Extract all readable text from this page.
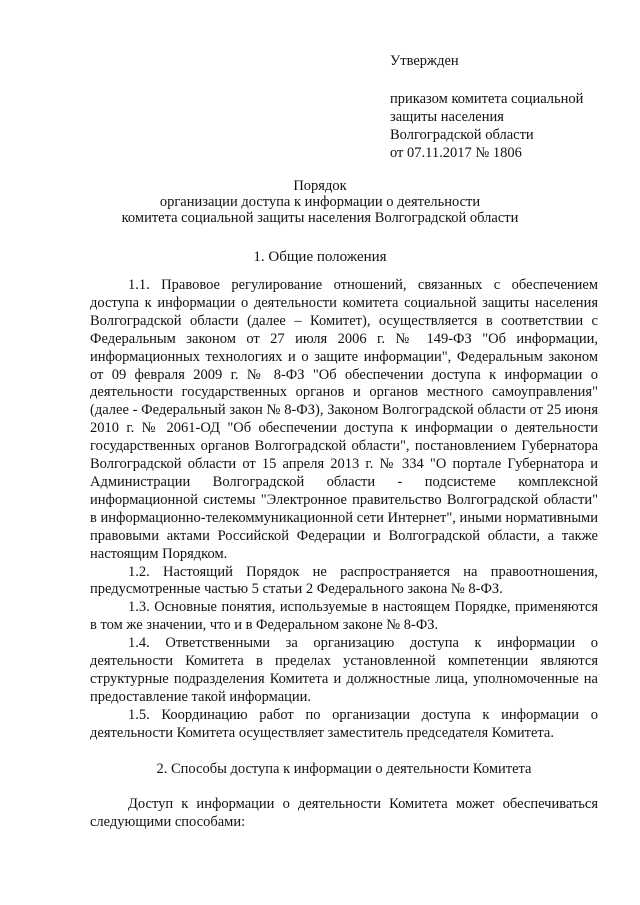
Утвержден
приказом комитета социальной
защиты населения
Волгоградской области
от 07.11.2017 № 1806
Порядок
организации доступа к информации о деятельности
комитета социальной защиты населения Волгоградской области
1. Общие положения

1.1. Правовое регулирование отношений, связанных с обеспечением доступа к информации о деятельности комитета социальной защиты населения Волгоградской области (далее – Комитет), осуществляется в соответствии с Федеральным законом от 27 июля 2006 г. № 149-ФЗ "Об информации, информационных технологиях и о защите информации", Федеральным законом от 09 февраля 2009 г. № 8-ФЗ "Об обеспечении доступа к информации о деятельности государственных органов и органов местного самоуправления" (далее - Федеральный закон № 8-ФЗ), Законом Волгоградской области от 25 июня 2010 г. № 2061-ОД "Об обеспечении доступа к информации о деятельности государственных органов Волгоградской области", постановлением Губернатора Волгоградской области от 15 апреля 2013 г. № 334 "О портале Губернатора и Администрации Волгоградской области - подсистеме комплексной информационной системы "Электронное правительство Волгоградской области" в информационно-телекоммуникационной сети Интернет", иными нормативными правовыми актами Российской Федерации и Волгоградской области, а также настоящим Порядком.

1.2. Настоящий Порядок не распространяется на правоотношения, предусмотренные частью 5 статьи 2 Федерального закона № 8-ФЗ.

1.3. Основные понятия, используемые в настоящем Порядке, применяются в том же значении, что и в Федеральном законе № 8-ФЗ.

1.4. Ответственными за организацию доступа к информации о деятельности Комитета в пределах установленной компетенции являются структурные подразделения Комитета и должностные лица, уполномоченные на предоставление такой информации.

1.5. Координацию работ по организации доступа к информации о деятельности Комитета осуществляет заместитель председателя Комитета.

2. Способы доступа к информации о деятельности Комитета

Доступ к информации о деятельности Комитета может обеспечиваться следующими способами:
